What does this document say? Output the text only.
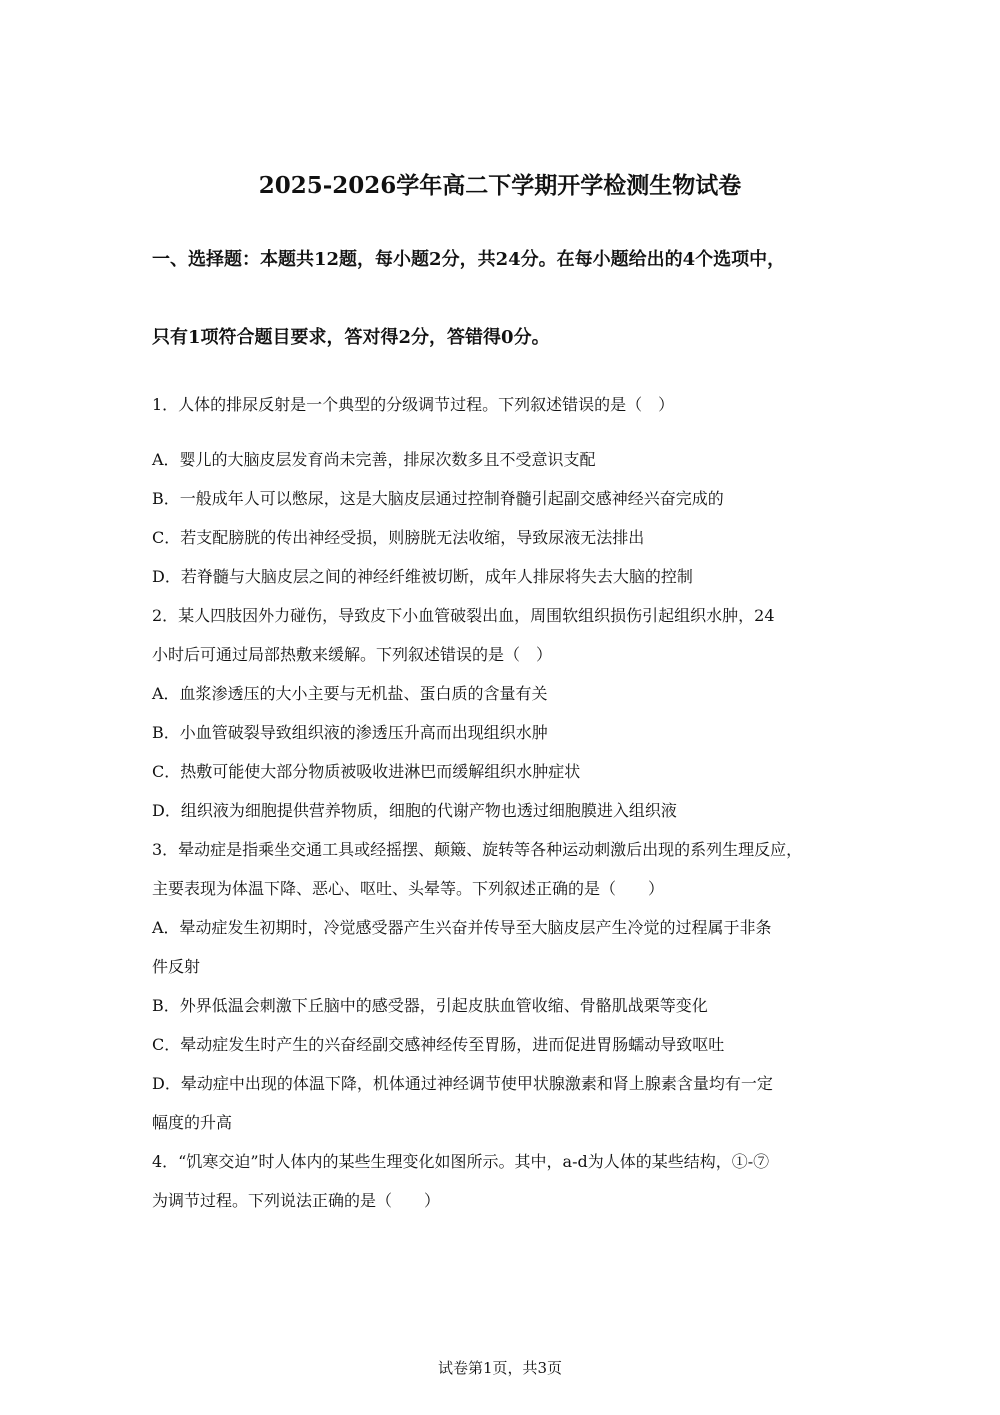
2025-2026学年高二下学期开学检测生物试卷
一、选择题：本题共12题，每小题2分，共24分。在每小题给出的4个选项中，
只有1项符合题目要求，答对得2分，答错得0分。
1．人体的排尿反射是一个典型的分级调节过程。下列叙述错误的是（　）
A．婴儿的大脑皮层发育尚未完善，排尿次数多且不受意识支配
B．一般成年人可以憋尿，这是大脑皮层通过控制脊髓引起副交感神经兴奋完成的
C．若支配膀胱的传出神经受损，则膀胱无法收缩，导致尿液无法排出
D．若脊髓与大脑皮层之间的神经纤维被切断，成年人排尿将失去大脑的控制
2．某人四肢因外力碰伤，导致皮下小血管破裂出血，周围软组织损伤引起组织水肿，24
小时后可通过局部热敷来缓解。下列叙述错误的是（　）
A．血浆渗透压的大小主要与无机盐、蛋白质的含量有关
B．小血管破裂导致组织液的渗透压升高而出现组织水肿
C．热敷可能使大部分物质被吸收进淋巴而缓解组织水肿症状
D．组织液为细胞提供营养物质，细胞的代谢产物也透过细胞膜进入组织液
3．晕动症是指乘坐交通工具或经摇摆、颠簸、旋转等各种运动刺激后出现的系列生理反应，
主要表现为体温下降、恶心、呕吐、头晕等。下列叙述正确的是（　　）
A．晕动症发生初期时，冷觉感受器产生兴奋并传导至大脑皮层产生冷觉的过程属于非条
件反射
B．外界低温会刺激下丘脑中的感受器，引起皮肤血管收缩、骨骼肌战栗等变化
C．晕动症发生时产生的兴奋经副交感神经传至胃肠，进而促进胃肠蠕动导致呕吐
D．晕动症中出现的体温下降，机体通过神经调节使甲状腺激素和肾上腺素含量均有一定
幅度的升高
4．“饥寒交迫”时人体内的某些生理变化如图所示。其中，a-d为人体的某些结构，①-⑦
为调节过程。下列说法正确的是（　　）
试卷第1页，共3页
